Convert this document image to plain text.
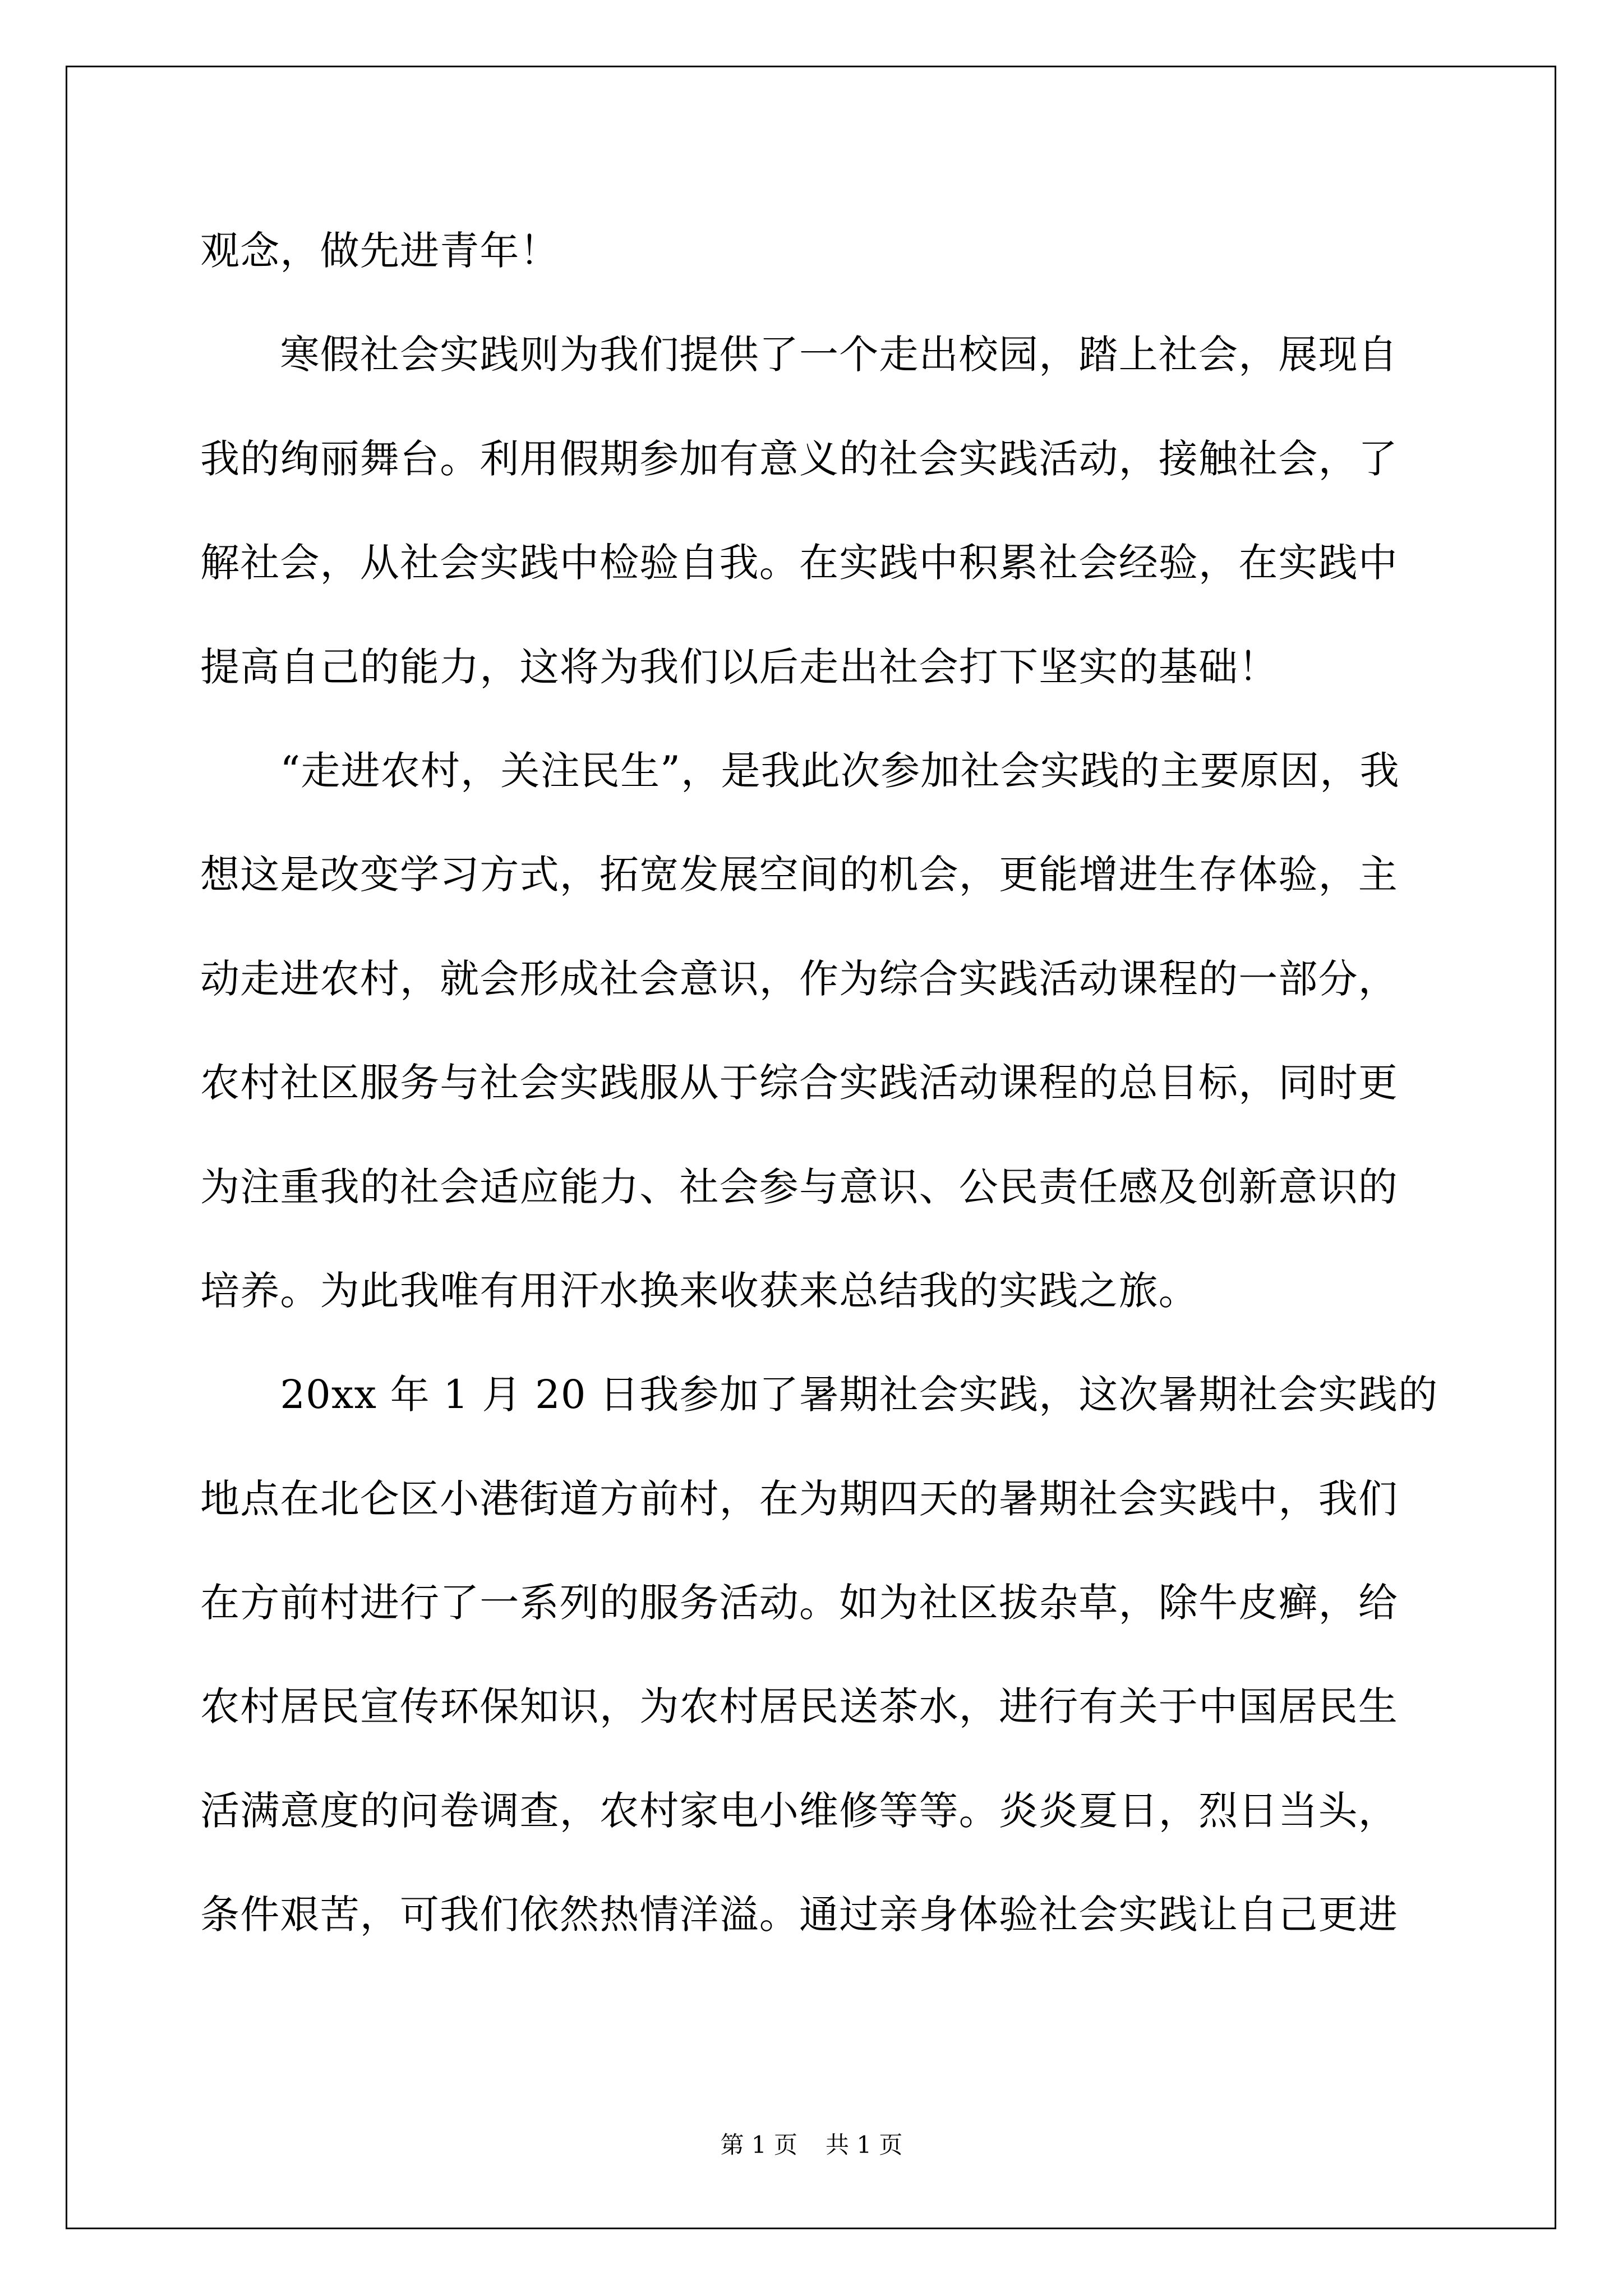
观念，做先进青年！
　　寒假社会实践则为我们提供了一个走出校园，踏上社会，展现自
我的绚丽舞台。利用假期参加有意义的社会实践活动，接触社会，了
解社会，从社会实践中检验自我。在实践中积累社会经验，在实践中
提高自己的能力，这将为我们以后走出社会打下坚实的基础！
　　“走进农村，关注民生”，是我此次参加社会实践的主要原因，我
想这是改变学习方式，拓宽发展空间的机会，更能增进生存体验，主
动走进农村，就会形成社会意识，作为综合实践活动课程的一部分，
农村社区服务与社会实践服从于综合实践活动课程的总目标，同时更
为注重我的社会适应能力、社会参与意识、公民责任感及创新意识的
培养。为此我唯有用汗水换来收获来总结我的实践之旅。
　　20xx 年 1 月 20 日我参加了暑期社会实践，这次暑期社会实践的
地点在北仑区小港街道方前村，在为期四天的暑期社会实践中，我们
在方前村进行了一系列的服务活动。如为社区拔杂草，除牛皮癣，给
农村居民宣传环保知识，为农村居民送茶水，进行有关于中国居民生
活满意度的问卷调查，农村家电小维修等等。炎炎夏日，烈日当头，
条件艰苦，可我们依然热情洋溢。通过亲身体验社会实践让自己更进
第 1 页 共 1 页
